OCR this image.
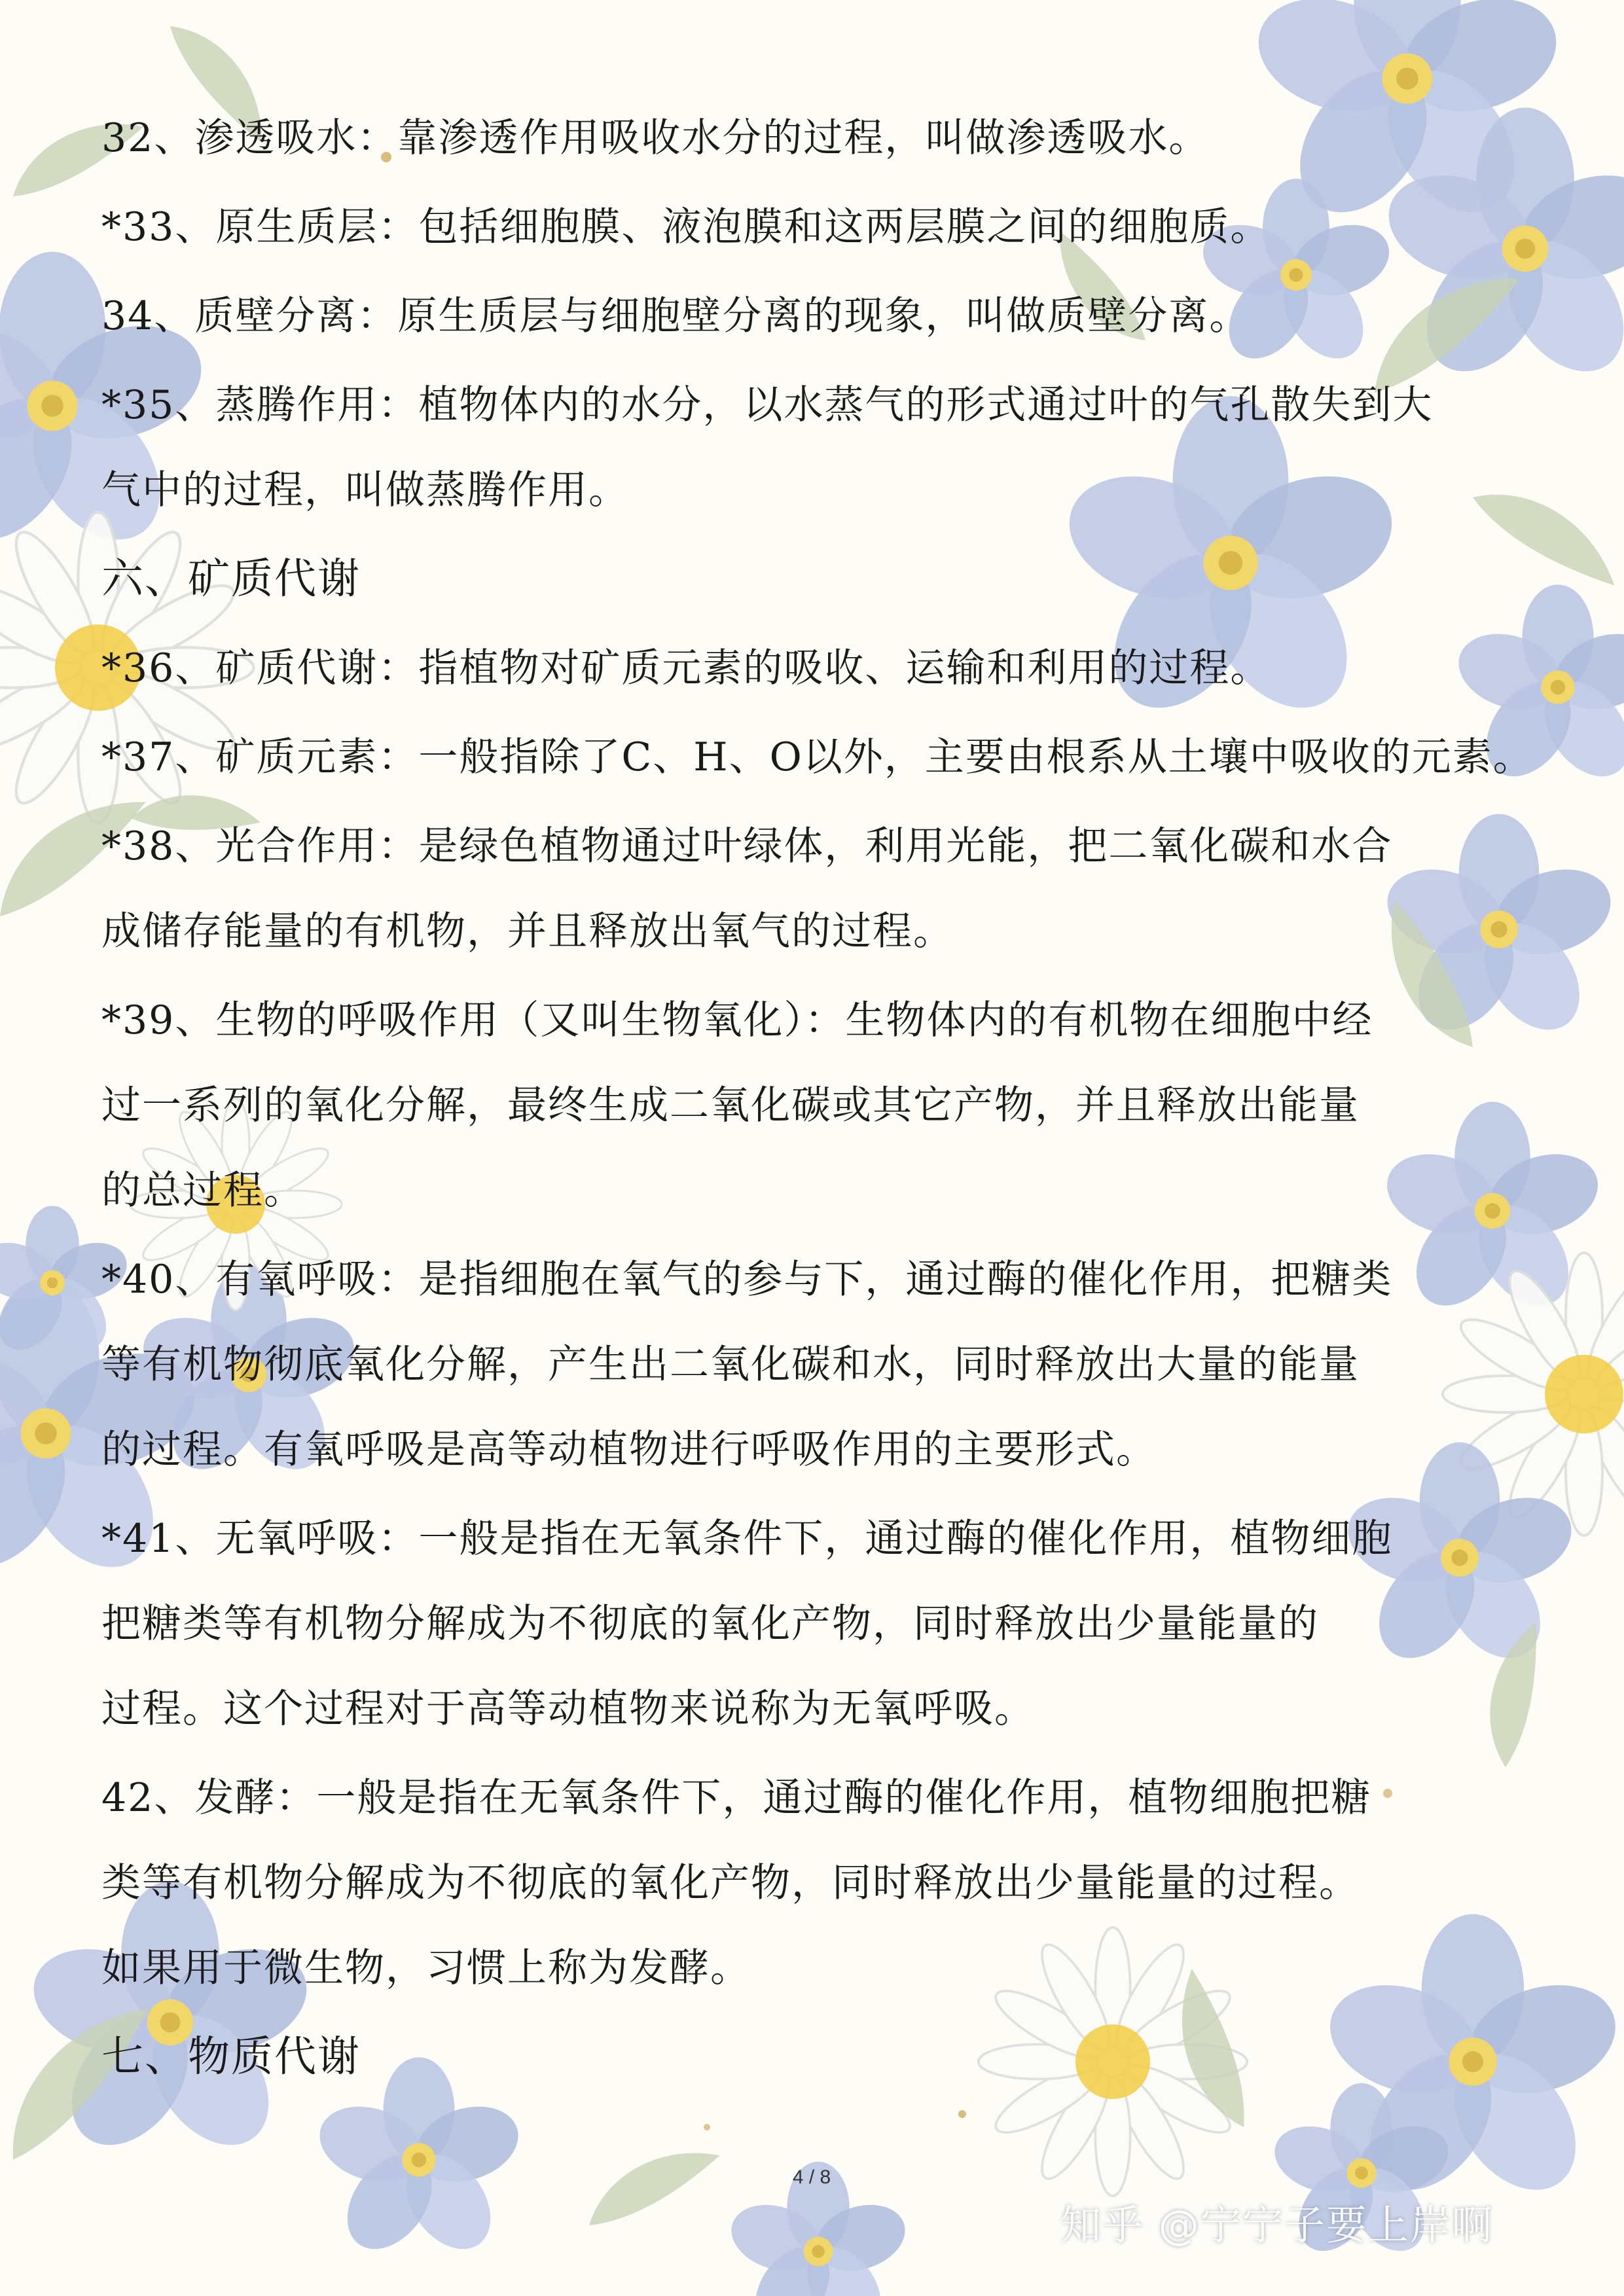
32、渗透吸水：靠渗透作用吸收水分的过程，叫做渗透吸水。

*33、原生质层：包括细胞膜、液泡膜和这两层膜之间的细胞质。

34、质壁分离：原生质层与细胞壁分离的现象，叫做质壁分离。

*35、蒸腾作用：植物体内的水分，以水蒸气的形式通过叶的气孔散失到大

气中的过程，叫做蒸腾作用。

六、矿质代谢

*36、矿质代谢：指植物对矿质元素的吸收、运输和利用的过程。

*37、矿质元素：一般指除了C、H、O以外，主要由根系从土壤中吸收的元素。

*38、光合作用：是绿色植物通过叶绿体，利用光能，把二氧化碳和水合

成储存能量的有机物，并且释放出氧气的过程。

*39、生物的呼吸作用（又叫生物氧化）：生物体内的有机物在细胞中经

过一系列的氧化分解，最终生成二氧化碳或其它产物，并且释放出能量

的总过程。

*40、有氧呼吸：是指细胞在氧气的参与下，通过酶的催化作用，把糖类

等有机物彻底氧化分解，产生出二氧化碳和水，同时释放出大量的能量

的过程。有氧呼吸是高等动植物进行呼吸作用的主要形式。

*41、无氧呼吸：一般是指在无氧条件下，通过酶的催化作用，植物细胞

把糖类等有机物分解成为不彻底的氧化产物，同时释放出少量能量的

过程。这个过程对于高等动植物来说称为无氧呼吸。

42、发酵：一般是指在无氧条件下，通过酶的催化作用，植物细胞把糖

类等有机物分解成为不彻底的氧化产物，同时释放出少量能量的过程。

如果用于微生物，习惯上称为发酵。

七、物质代谢

4 / 8
知乎 @宁宁子要上岸啊
